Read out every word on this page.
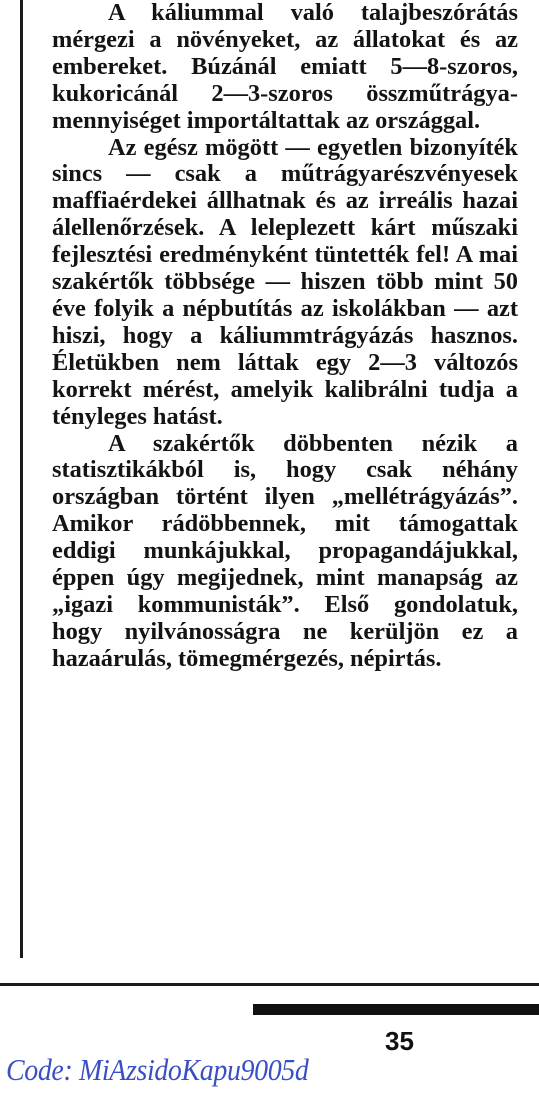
A káliummal való talajbeszórátás mérgezi a növényeket, az állatokat és az embereket. Búzánál emiatt 5—8-szoros, kukoricánál 2—3-szoros összműtrágya-mennyiséget importáltattak az országgal.

Az egész mögött — egyetlen bizonyíték sincs — csak a műtrágyarészvényesek maffiaérdekei állhatnak és az irreális hazai álellenőrzések. A leleplezett kárt műszaki fejlesztési eredményként tüntették fel! A mai szakértők többsége — hiszen több mint 50 éve folyik a népbutítás az iskolákban — azt hiszi, hogy a káliummtrágyázás hasznos. Életükben nem láttak egy 2—3 változós korrekt mérést, amelyik kalibrálni tudja a tényleges hatást.

A szakértők döbbenten nézik a statisztikákból is, hogy csak néhány országban történt ilyen „mellétrágyázás”. Amikor rádöbbennek, mit támogattak eddigi munkájukkal, propagandájukkal, éppen úgy megijednek, mint manapság az „igazi kommunisták”. Első gondolatuk, hogy nyilvánosságra ne kerüljön ez a hazaárulás, tömegmérgezés, népirtás.

35
Code: MiAzsidoKapu9005d
